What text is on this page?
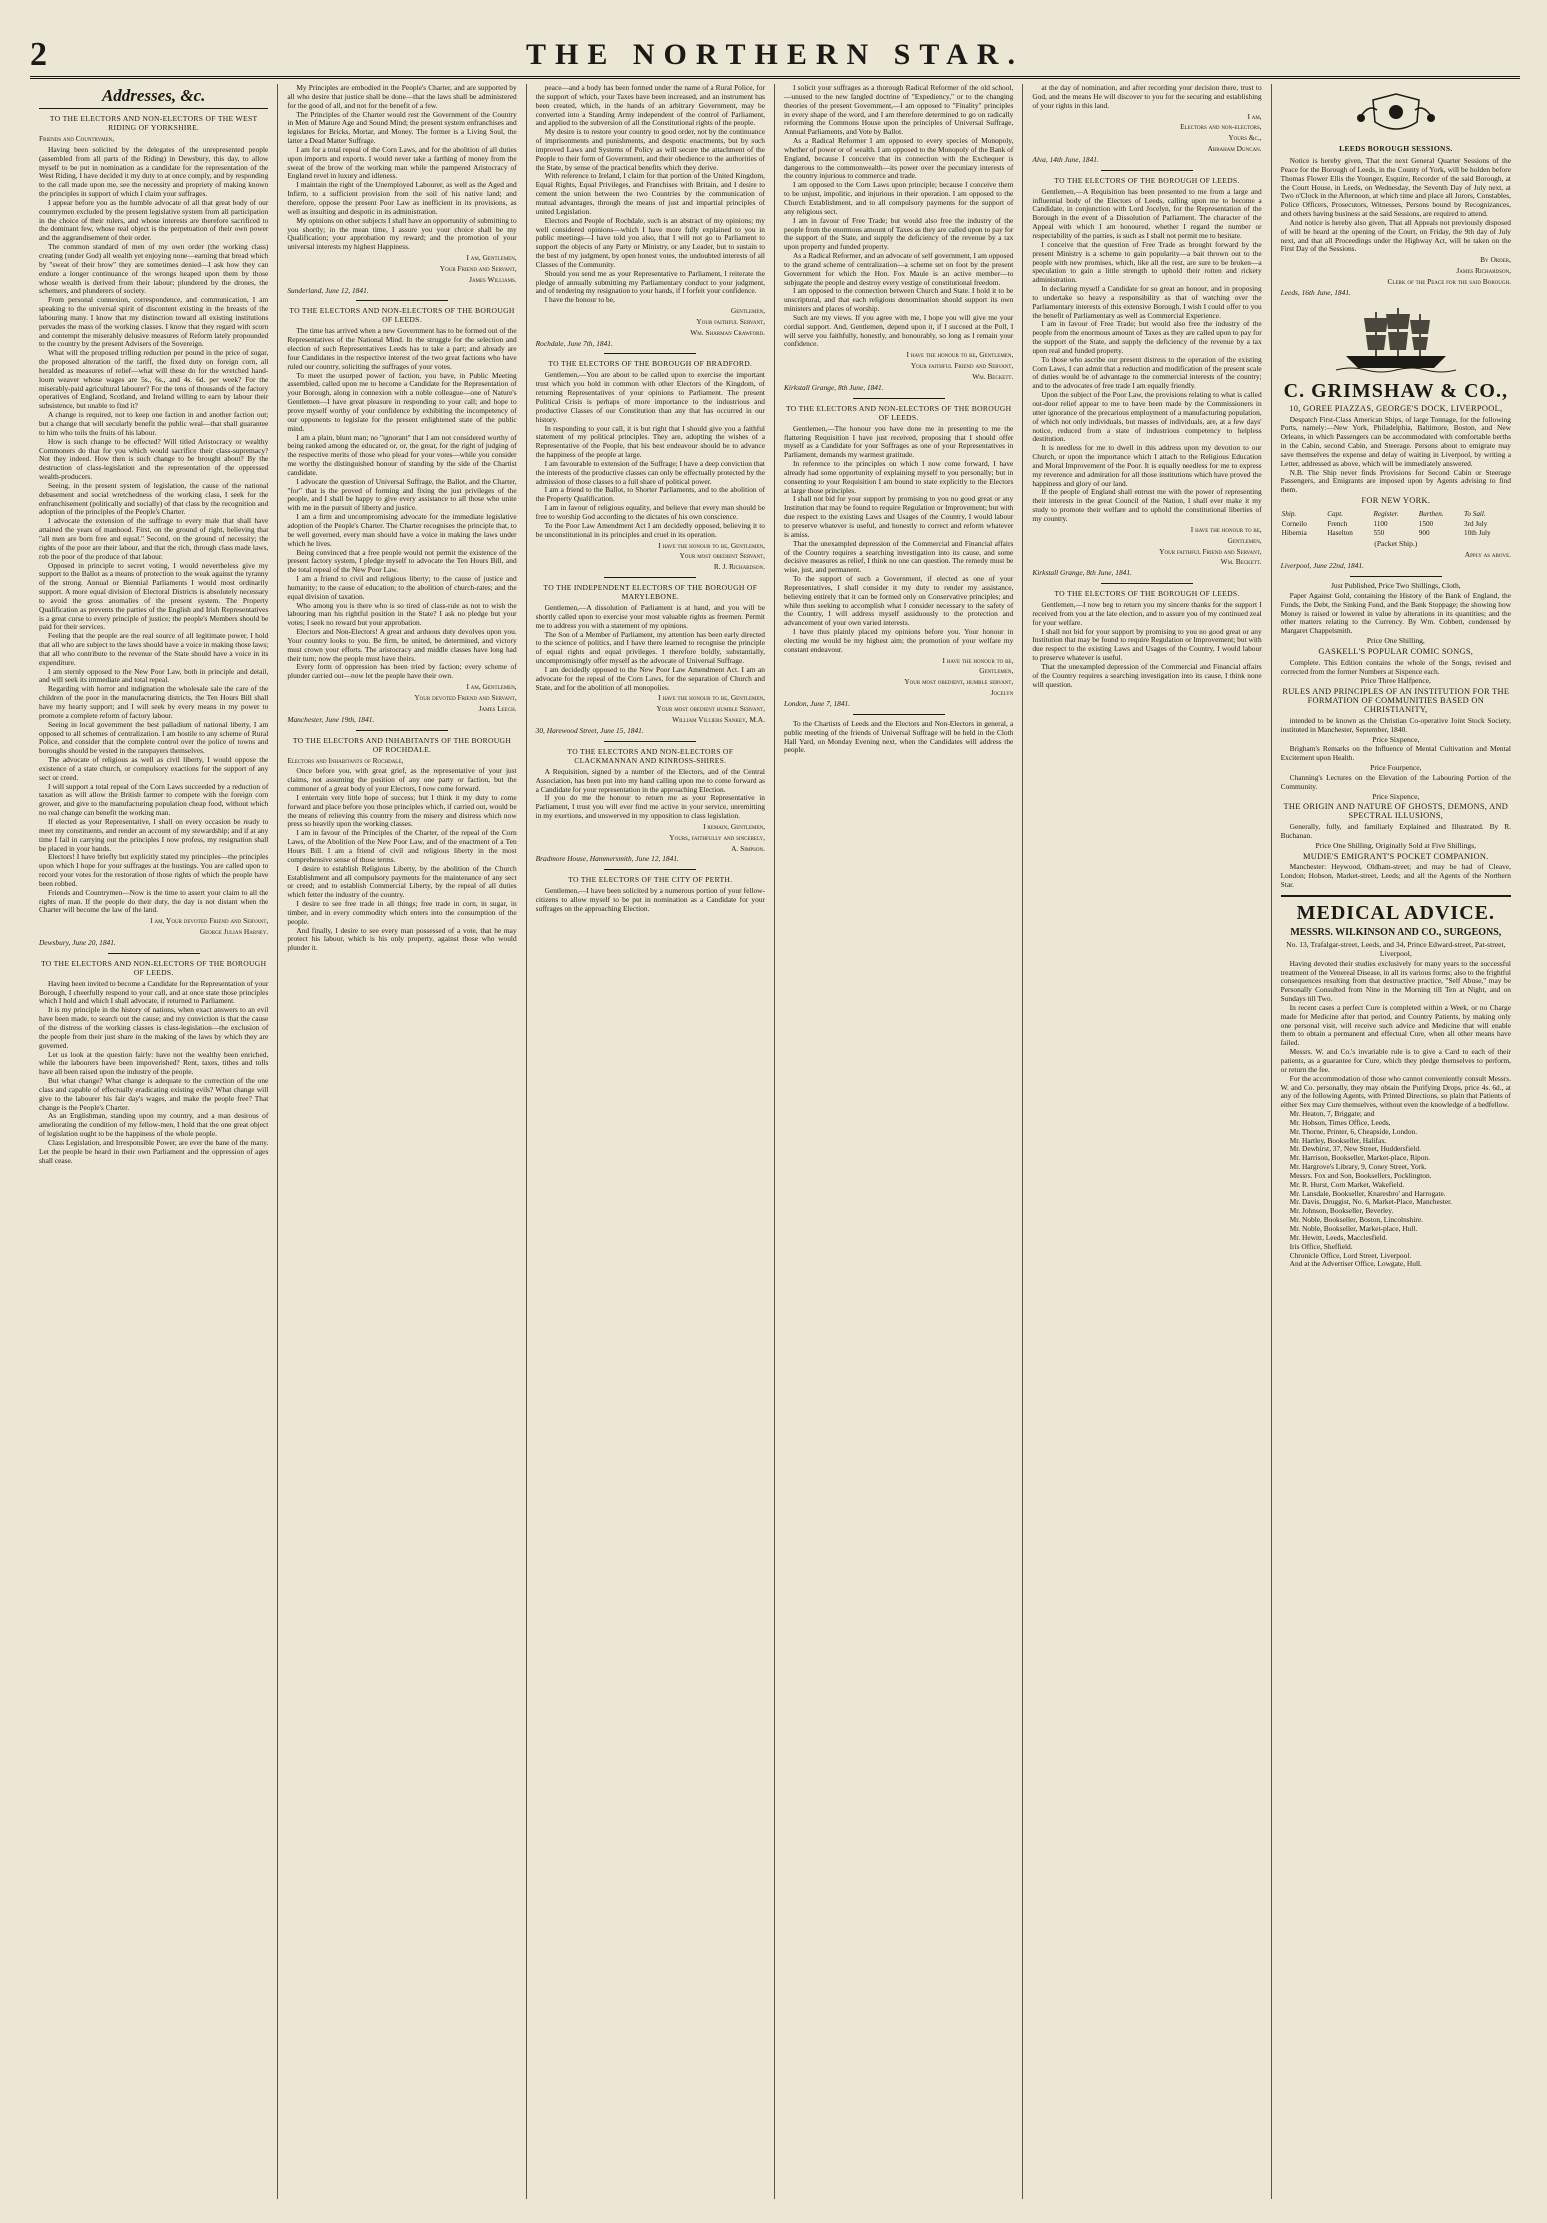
2	THE NORTHERN STAR.
Addresses, &c.
TO THE ELECTORS AND NON-ELECTORS OF THE WEST RIDING OF YORKSHIRE.
Friends and Countrymen,
Having been solicited by the delegates of the unrepresented people (assembled from all parts of the Riding) in Dewsbury, this day, to allow myself to be put in nomination as a candidate for the representation of the West Riding, I have decided it my duty to at once comply, and by responding to the call made upon me, see the necessity and propriety of making known the principles in support of which I claim your suffrages.
I appear before you as the humble advocate of all that great body of our countrymen excluded by the present legislative system from all participation in the choice of their rulers, and whose interests are therefore sacrificed to the dominant few, whose real object is the perpetuation of their own power and the aggrandisement of their order.
The common standard of men of my own order (the working class) creating (under God) all wealth yet enjoying none—earning that bread which by "sweat of their brow" they are sometimes denied—I ask how they can endure a longer continuance of the wrongs heaped upon them by those whose wealth is derived from their labour; plundered by the drones, the schemers, and plunderers of society.
From personal connexion, correspondence, and communication, I am speaking to the universal spirit of discontent existing in the breasts of the labouring many. I know that my distinction toward all existing institutions pervades the mass of the working classes. I know that they regard with scorn and contempt the miserably delusive measures of Reform lately propounded to the country by the present Advisers of the Sovereign.
What will the proposed trifling reduction per pound in the price of sugar, the proposed alteration of the tariff, the fixed duty on foreign corn, all heralded as measures of relief—what will these do for the wretched hand-loom weaver whose wages are 5s., 6s., and 4s. 6d. per week? For the miserably-paid agricultural labourer? For the tens of thousands of the factory operatives of England, Scotland, and Ireland willing to earn by labour their subsistence, but unable to find it?
A change is required, not to keep one faction in and another faction out; but a change that will secularly benefit the public weal—that shall guarantee to him who toils the fruits of his labour.
How is such change to be effected? Will titled Aristocracy or wealthy Commoners do that for you which would sacrifice their class-supremacy? Not they indeed. How then is such change to be brought about? By the destruction of class-legislation and the representation of the oppressed wealth-producers.
Seeing, in the present system of legislation, the cause of the national debasement and social wretchedness of the working class, I seek for the enfranchisement (politically and socially) of that class by the recognition and adoption of the principles of the People's Charter.
I advocate the extension of the suffrage to every male that shall have attained the years of manhood. First, on the ground of right, believing that "all men are born free and equal." Second, on the ground of necessity; the rights of the poor are their labour, and that the rich, through class made laws, rob the poor of the produce of that labour.
Opposed in principle to secret voting, I would nevertheless give my support to the Ballot as a means of protection to the weak against the tyranny of the strong. Annual or Biennial Parliaments I would most ordinarily support. A more equal division of Electoral Districts is absolutely necessary to avoid the gross anomalies of the present system. The Property Qualification as prevents the parties of the English and Irish Representatives is a great curse to every principle of justice; the people's Members should be paid for their services.
Feeling that the people are the real source of all legitimate power, I hold that all who are subject to the laws should have a voice in making those laws; that all who contribute to the revenue of the State should have a voice in its expenditure.
I am sternly opposed to the New Poor Law, both in principle and detail, and will seek its immediate and total repeal.
Regarding with horror and indignation the wholesale sale the care of the children of the poor in the manufacturing districts, the Ten Hours Bill shall have my hearty support; and I will seek by every means in my power to promote a complete reform of factory labour.
Seeing in local government the best palladium of national liberty, I am opposed to all schemes of centralization. I am hostile to any scheme of Rural Police, and consider that the complete control over the police of towns and boroughs should be vested in the ratepayers themselves.
The advocate of religious as well as civil liberty, I would oppose the existence of a state church, or compulsory exactions for the support of any sect or creed.
I will support a total repeal of the Corn Laws succeeded by a reduction of taxation as will allow the British farmer to compete with the foreign corn grower, and give to the manufacturing population cheap food, without which no real change can benefit the working man.
If elected as your Representative, I shall on every occasion be ready to meet my constituents, and render an account of my stewardship; and if at any time I fail in carrying out the principles I now profess, my resignation shall be placed in your hands.
Electors! I have briefly but explicitly stated my principles—the principles upon which I hope for your suffrages at the hustings. You are called upon to record your votes for the restoration of those rights of which the people have been robbed.
Friends and Countrymen—Now is the time to assert your claim to all the rights of man. If the people do their duty, the day is not distant when the Charter will become the law of the land.
I am, Your devoted Friend and Servant,
George Julian Harney.
Dewsbury, June 20, 1841.
TO THE ELECTORS AND NON-ELECTORS OF THE BOROUGH OF LEEDS.
Having been invited to become a Candidate for the Representation of your Borough, I cheerfully respond to your call, and at once state those principles which I hold and which I shall advocate, if returned to Parliament.
It is my principle in the history of nations, when exact answers to an evil have been made, to search out the cause; and my conviction is that the cause of the distress of the working classes is class-legislation—the exclusion of the people from their just share in the making of the laws by which they are governed.
Let us look at the question fairly: have not the wealthy been enriched, while the labourers have been impoverished? Rent, taxes, tithes and tolls have all been raised upon the industry of the people.
But what change? What change is adequate to the correction of the one class and capable of effectually eradicating existing evils? What change will give to the labourer his fair day's wages, and make the people free? That change is the People's Charter.
As an Englishman, standing upon my country, and a man desirous of ameliorating the condition of my fellow-men, I hold that the one great object of legislation ought to be the happiness of the whole people.
Class Legislation, and Irresponsible Power, are ever the bane of the many. Let the people be heard in their own Parliament and the oppression of ages shall cease.
My Principles are embodied in the People's Charter, and are supported by all who desire that justice shall be done—that the laws shall be administered for the good of all, and not for the benefit of a few.
The Principles of the Charter would rest the Government of the Country in Men of Mature Age and Sound Mind; the present system enfranchises and legislates for Bricks, Mortar, and Money. The former is a Living Soul, the latter a Dead Matter Suffrage.
I am for a total repeal of the Corn Laws, and for the abolition of all duties upon imports and exports. I would never take a farthing of money from the sweat of the brow of the working man while the pampered Aristocracy of England revel in luxury and idleness.
I maintain the right of the Unemployed Labourer, as well as the Aged and Infirm, to a sufficient provision from the soil of his native land; and therefore, oppose the present Poor Law as inefficient in its provisions, as well as insulting and despotic in its administration.
My opinions on other subjects I shall have an opportunity of submitting to you shortly; in the mean time, I assure you your choice shall be my Qualification; your approbation my reward; and the promotion of your universal interests my highest Happiness.
I am, Gentlemen,
Your Friend and Servant,
James Williams.
Sunderland, June 12, 1841.
TO THE ELECTORS AND NON-ELECTORS OF THE BOROUGH OF LEEDS.
The time has arrived when a new Government has to be formed out of the Representatives of the National Mind. In the struggle for the selection and election of such Representatives Leeds has to take a part; and already are four Candidates in the respective interest of the two great factions who have ruled our country, soliciting the suffrages of your votes.
To meet the usurped power of faction, you have, in Public Meeting assembled, called upon me to become a Candidate for the Representation of your Borough, along in connexion with a noble colleague—one of Nature's Gentlemen—I have great pleasure in responding to your call; and hope to prove myself worthy of your confidence by exhibiting the incompetency of our opponents to legislate for the present enlightened state of the public mind.
I am a plain, blunt man; no "ignorant" that I am not considered worthy of being ranked among the educated or, or, the great, for the right of judging of the respective merits of those who plead for your votes—while you consider me worthy the distinguished honour of standing by the side of the Chartist candidate.
I advocate the question of Universal Suffrage, the Ballot, and the Charter, "for" that is the proved of forming and fixing the just privileges of the people, and I shall be happy to give every assistance to all those who unite with me in the pursuit of liberty and justice.
I am a firm and uncompromising advocate for the immediate legislative adoption of the People's Charter. The Charter recognises the principle that, to be well governed, every man should have a voice in making the laws under which he lives.
Being convinced that a free people would not permit the existence of the present factory system, I pledge myself to advocate the Ten Hours Bill, and the total repeal of the New Poor Law.
I am a friend to civil and religious liberty; to the cause of justice and humanity; to the cause of education; to the abolition of church-rates; and the equal division of taxation.
Who among you is there who is so tired of class-rule as not to wish the labouring man his rightful position in the State? I ask no pledge but your votes; I seek no reward but your approbation.
Electors and Non-Electors! A great and arduous duty devolves upon you. Your country looks to you. Be firm, be united, be determined, and victory must crown your efforts. The aristocracy and middle classes have long had their turn; now the people must have theirs.
Every form of oppression has been tried by faction; every scheme of plunder carried out—now let the people have their own.
I am, Gentlemen,
Your devoted Friend and Servant,
James Leech.
Manchester, June 19th, 1841.
TO THE ELECTORS AND INHABITANTS OF THE BOROUGH OF ROCHDALE.
Electors and Inhabitants of Rochdale,
Once before you, with great grief, as the representative of your just claims, not assuming the position of any one party or faction, but the commoner of a great body of your Electors, I now come forward.
I entertain very little hope of success; but I think it my duty to come forward and place before you those principles which, if carried out, would be the means of relieving this country from the misery and distress which now press so heavily upon the working classes.
I am in favour of the Principles of the Charter, of the repeal of the Corn Laws, of the Abolition of the New Poor Law, and of the enactment of a Ten Hours Bill. I am a friend of civil and religious liberty in the most comprehensive sense of those terms.
I desire to establish Religious Liberty, by the abolition of the Church Establishment and all compulsory payments for the maintenance of any sect or creed; and to establish Commercial Liberty, by the repeal of all duties which fetter the industry of the country.
I desire to see free trade in all things; free trade in corn, in sugar, in timber, and in every commodity which enters into the consumption of the people.
And finally, I desire to see every man possessed of a vote, that he may protect his labour, which is his only property, against those who would plunder it.
peace—and a body has been formed under the name of a Rural Police, for the support of which, your Taxes have been increased, and an instrument has been created, which, in the hands of an arbitrary Government, may be converted into a Standing Army independent of the control of Parliament, and applied to the subversion of all the Constitutional rights of the people.
My desire is to restore your country to good order, not by the continuance of imprisonments and punishments, and despotic enactments, but by such improved Laws and Systems of Policy as will secure the attachment of the People to their form of Government, and their obedience to the authorities of the State, by sense of the practical benefits which they derive.
With reference to Ireland, I claim for that portion of the United Kingdom, Equal Rights, Equal Privileges, and Franchises with Britain, and I desire to cement the union between the two Countries by the communication of mutual advantages, through the means of just and impartial principles of united Legislation.
Electors and People of Rochdale, such is an abstract of my opinions; my well considered opinions—which I have more fully explained to you in public meetings—I have told you also, that I will not go to Parliament to support the objects of any Party or Ministry, or any Leader, but to sustain to the best of my judgment, by open honest votes, the undoubted interests of all Classes of the Community.
Should you send me as your Representative to Parliament, I reiterate the pledge of annually submitting my Parliamentary conduct to your judgment, and of tendering my resignation to your hands, if I forfeit your confidence.
I have the honour to be,
Gentlemen,
Your faithful Servant,
Wm. Sharman Crawford.
Rochdale, June 7th, 1841.
TO THE ELECTORS OF THE BOROUGH OF BRADFORD.
Gentlemen,—You are about to be called upon to exercise the important trust which you hold in common with other Electors of the Kingdom, of returning Representatives of your opinions to Parliament. The present Political Crisis is perhaps of more importance to the industrious and productive Classes of our Constitution than any that has occurred in our history.
In responding to your call, it is but right that I should give you a faithful statement of my political principles. They are, adopting the wishes of a Representative of the People, that his best endeavour should be to advance the happiness of the people at large.
I am favourable to extension of the Suffrage; I have a deep conviction that the interests of the productive classes can only be effectually protected by the admission of those classes to a full share of political power.
I am a friend to the Ballot, to Shorter Parliaments, and to the abolition of the Property Qualification.
I am in favour of religious equality, and believe that every man should be free to worship God according to the dictates of his own conscience.
To the Poor Law Amendment Act I am decidedly opposed, believing it to be unconstitutional in its principles and cruel in its operation.
I have the honour to be, Gentlemen,
Your most obedient Servant,
R. J. Richardson.
TO THE INDEPENDENT ELECTORS OF THE BOROUGH OF MARYLEBONE.
Gentlemen,—A dissolution of Parliament is at hand, and you will be shortly called upon to exercise your most valuable rights as freemen. Permit me to address you with a statement of my opinions.
The Son of a Member of Parliament, my attention has been early directed to the science of politics, and I have there learned to recognise the principle of equal rights and equal privileges. I therefore boldly, substantially, uncompromisingly offer myself as the advocate of Universal Suffrage.
I am decidedly opposed to the New Poor Law Amendment Act. I am an advocate for the repeal of the Corn Laws, for the separation of Church and State, and for the abolition of all monopolies.
I have the honour to be, Gentlemen,
Your most obedient humble Servant,
William Villiers Sankey, M.A.
30, Harewood Street, June 15, 1841.
TO THE ELECTORS AND NON-ELECTORS OF CLACKMANNAN AND KINROSS-SHIRES.
A Requisition, signed by a number of the Electors, and of the Central Association, has been put into my hand calling upon me to come forward as a Candidate for your representation in the approaching Election.
If you do me the honour to return me as your Representative in Parliament, I trust you will ever find me active in your service, unremitting in my exertions, and unswerved in my opposition to class legislation.
I remain, Gentlemen,
Yours, faithfully and sincerely,
A. Simpson.
Bradmore House, Hammersmith, June 12, 1841.
TO THE ELECTORS OF THE CITY OF PERTH.
Gentlemen,—I have been solicited by a numerous portion of your fellow-citizens to allow myself to be put in nomination as a Candidate for your suffrages on the approaching Election.
I solicit your suffrages as a thorough Radical Reformer of the old school,—unused to the new fangled doctrine of "Expediency," or to the changing theories of the present Government,—I am opposed to "Finality" principles in every shape of the word, and I am therefore determined to go on radically reforming the Commons House upon the principles of Universal Suffrage, Annual Parliaments, and Vote by Ballot.
As a Radical Reformer I am opposed to every species of Monopoly, whether of power or of wealth. I am opposed to the Monopoly of the Bank of England, because I conceive that its connection with the Exchequer is dangerous to the commonwealth—its power over the pecuniary interests of the country injurious to commerce and trade.
I am opposed to the Corn Laws upon principle; because I conceive them to be unjust, impolitic, and injurious in their operation. I am opposed to the Church Establishment, and to all compulsory payments for the support of any religious sect.
I am in favour of Free Trade; but would also free the industry of the people from the enormous amount of Taxes as they are called upon to pay for the support of the State, and supply the deficiency of the revenue by a tax upon property and funded property.
As a Radical Reformer, and an advocate of self government, I am opposed to the grand scheme of centralization—a scheme set on foot by the present Government for which the Hon. Fox Maule is an active member—to subjugate the people and destroy every vestige of constitutional freedom.
I am opposed to the connection between Church and State. I hold it to be unscriptural, and that each religious denomination should support its own ministers and places of worship.
Such are my views. If you agree with me, I hope you will give me your cordial support. And, Gentlemen, depend upon it, if I succeed at the Poll, I will serve you faithfully, honestly, and honourably, so long as I remain your confidence.
I have the honour to be, Gentlemen,
Your faithful Friend and Servant,
Wm. Beckett.
Kirkstall Grange, 8th June, 1841.
TO THE ELECTORS AND NON-ELECTORS OF THE BOROUGH OF LEEDS.
Gentlemen,—The honour you have done me in presenting to me the flattering Requisition I have just received, proposing that I should offer myself as a Candidate for your Suffrages as one of your Representatives in Parliament, demands my warmest gratitude.
In reference to the principles on which I now come forward, I have already had some opportunity of explaining myself to you personally; but in consenting to your Requisition I am bound to state explicitly to the Electors at large those principles.
I shall not bid for your support by promising to you no good great or any Institution that may be found to require Regulation or Improvement; but with due respect to the existing Laws and Usages of the Country, I would labour to preserve whatever is useful, and honestly to correct and reform whatever is amiss.
That the unexampled depression of the Commercial and Financial affairs of the Country requires a searching investigation into its cause, and some decisive measures as relief, I think no one can question. The remedy must be wise, just, and permanent.
To the support of such a Government, if elected as one of your Representatives, I shall consider it my duty to render my assistance, believing entirely that it can be formed only on Conservative principles; and while thus seeking to accomplish what I consider necessary to the safety of the Country, I will address myself assiduously to the protection and advancement of your own varied interests.
I have thus plainly placed my opinions before you. Your honour in electing me would be my highest aim; the promotion of your welfare my constant endeavour.
I have the honour to be,
Gentlemen,
Your most obedient, humble servant,
Jocelyn
London, June 7, 1841.
To the Chartists of Leeds and the Electors and Non-Electors in general, a public meeting of the friends of Universal Suffrage will be held in the Cloth Hall Yard, on Monday Evening next, when the Candidates will address the people.
at the day of nomination, and after recording your decision there, trust to God, and the means He will discover to you for the securing and establishing of your rights in this land.
I am,
Electors and non-electors,
Yours &c.,
Abraham Duncan.
Alva, 14th June, 1841.
TO THE ELECTORS OF THE BOROUGH OF LEEDS.
Gentlemen,—A Requisition has been presented to me from a large and influential body of the Electors of Leeds, calling upon me to become a Candidate, in conjunction with Lord Jocelyn, for the Representation of the Borough in the event of a Dissolution of Parliament. The character of the Appeal with which I am honoured, whether I regard the number or respectability of the parties, is such as I shall not permit me to hesitate.
I conceive that the question of Free Trade as brought forward by the present Ministry is a scheme to gain popularity—a bait thrown out to the people with new promises, which, like all the rest, are sure to be broken—a speculation to gain a little strength to uphold their rotten and rickety administration.
In declaring myself a Candidate for so great an honour, and in proposing to undertake so heavy a responsibility as that of watching over the Parliamentary interests of this extensive Borough, I wish I could offer to you the benefit of Parliamentary as well as Commercial Experience.
I am in favour of Free Trade; but would also free the industry of the people from the enormous amount of Taxes as they are called upon to pay for the support of the State, and supply the deficiency of the revenue by a tax upon real and funded property.
To those who ascribe our present distress to the operation of the existing Corn Laws, I can admit that a reduction and modification of the present scale of duties would be of advantage to the commercial interests of the country; and to the advocates of free trade I am equally friendly.
Upon the subject of the Poor Law, the provisions relating to what is called out-door relief appear to me to have been made by the Commissioners in utter ignorance of the precarious employment of a manufacturing population, of which not only individuals, but masses of individuals, are, at a few days' notice, reduced from a state of industrious competency to helpless destitution.
It is needless for me to dwell in this address upon my devotion to our Church, or upon the importance which I attach to the Religious Education and Moral Improvement of the Poor. It is equally needless for me to express my reverence and admiration for all those institutions which have proved the happiness and glory of our land.
If the people of England shall entrust me with the power of representing their interests in the great Council of the Nation, I shall ever make it my study to promote their welfare and to uphold the constitutional liberties of my country.
I have the honour to be,
Gentlemen,
Your faithful Friend and Servant,
Wm. Beckett.
Kirkstall Grange, 8th June, 1841.
TO THE ELECTORS OF THE BOROUGH OF LEEDS.
Gentlemen,—I now beg to return you my sincere thanks for the support I received from you at the late election, and to assure you of my continued zeal for your welfare.
I shall not bid for your support by promising to you no good great or any Institution that may be found to require Regulation or Improvement; but with due respect to the existing Laws and Usages of the Country, I would labour to preserve whatever is useful.
That the unexampled depression of the Commercial and Financial affairs of the Country requires a searching investigation into its cause, I think none will question.
LEEDS BOROUGH SESSIONS.
Notice is hereby given, That the next General Quarter Sessions of the Peace for the Borough of Leeds, in the County of York, will be holden before Thomas Flower Ellis the Younger, Esquire, Recorder of the said Borough, at the Court House, in Leeds, on Wednesday, the Seventh Day of July next, at Two o'Clock in the Afternoon, at which time and place all Jurors, Constables, Police Officers, Prosecutors, Witnesses, Persons bound by Recognizances, and others having business at the said Sessions, are required to attend.
And notice is hereby also given, That all Appeals not previously disposed of will be heard at the opening of the Court, on Friday, the 9th day of July next, and that all Proceedings under the Highway Act, will be taken on the First Day of the Sessions.
By Order,
James Richardson,
Clerk of the Peace for the said Borough.
Leeds, 16th June, 1841.
C. GRIMSHAW & CO.,
10, GOREE PIAZZAS, GEORGE'S DOCK, LIVERPOOL,
Despatch First-Class American Ships, of large Tonnage, for the following Ports, namely:—New York, Philadelphia, Baltimore, Boston, and New Orleans, in which Passengers can be accommodated with comfortable berths in the Cabin, second Cabin, and Steerage. Persons about to emigrate may save themselves the expense and delay of waiting in Liverpool, by writing a Letter, addressed as above, which will be immediately answered.
N.B. The Ship never finds Provisions for Second Cabin or Steerage Passengers, and Emigrants are imposed upon by Agents advising to find them.
FOR NEW YORK.
Ship.	Capt.	Register.	Burthen.	To Sail.
Corneilo	French	1100	1500	3rd July
Hibernia	Haselton	550	900	10th July
(Packet Ship.)
Apply as above.
Liverpool, June 22nd, 1841.
Just Published, Price Two Shillings, Cloth,
Paper Against Gold, containing the History of the Bank of England, the Funds, the Debt, the Sinking Fund, and the Bank Stoppage; the showing how Money is raised or lowered in value by alterations in its quantities; and the other matters relating to the Currency. By Wm. Cobbett, condensed by Margaret Chappelsmith.
Price One Shilling,
GASKELL'S POPULAR COMIC SONGS,
Complete. This Edition contains the whole of the Songs, revised and corrected from the former Numbers at Sixpence each.
Price Three Halfpence,
RULES AND PRINCIPLES OF AN INSTITUTION FOR THE FORMATION OF COMMUNITIES BASED ON CHRISTIANITY,
intended to be known as the Christian Co-operative Joint Stock Society, instituted in Manchester, September, 1840.
Price Sixpence,
Brigham's Remarks on the Influence of Mental Cultivation and Mental Excitement upon Health.
Price Fourpence,
Channing's Lectures on the Elevation of the Labouring Portion of the Community.
Price Sixpence,
THE ORIGIN AND NATURE OF GHOSTS, DEMONS, AND SPECTRAL ILLUSIONS,
Generally, fully, and familiarly Explained and Illustrated. By R. Buchanan.
Price One Shilling, Originally Sold at Five Shillings,
MUDIE'S EMIGRANT'S POCKET COMPANION.
Manchester: Heywood, Oldham-street; and may be had of Cleave, London; Hobson, Market-street, Leeds; and all the Agents of the Northern Star.
MEDICAL ADVICE.
MESSRS. WILKINSON AND CO., SURGEONS,
No. 13, Trafalgar-street, Leeds, and 34, Prince Edward-street, Pat-street, Liverpool,
Having devoted their studies exclusively for many years to the successful treatment of the Venereal Disease, in all its various forms; also to the frightful consequences resulting from that destructive practice, "Self Abuse," may be Personally Consulted from Nine in the Morning till Ten at Night, and on Sundays till Two.
In recent cases a perfect Cure is completed within a Week, or no Charge made for Medicine after that period, and Country Patients, by making only one personal visit, will receive such advice and Medicine that will enable them to obtain a permanent and effectual Cure, when all other means have failed.
Messrs. W. and Co.'s invariable rule is to give a Card to each of their patients, as a guarantee for Cure, which they pledge themselves to perform, or return the fee.
For the accommodation of those who cannot conveniently consult Messrs. W. and Co. personally, they may obtain the Purifying Drops, price 4s. 6d., at any of the following Agents, with Printed Directions, so plain that Patients of either Sex may Cure themselves, without even the knowledge of a bedfellow.
Mr. Heaton, 7, Briggate; and
Mr. Hobson, Times Office, Leeds,
Mr. Thorne, Printer, 6, Cheapside, London.
Mr. Hartley, Bookseller, Halifax.
Mr. Dewhirst, 37, New Street, Huddersfield.
Mr. Harrison, Bookseller, Market-place, Ripon.
Mr. Hargrove's Library, 9, Coney Street, York.
Messrs. Fox and Son, Booksellers, Pocklington.
Mr. R. Hurst, Corn Market, Wakefield.
Mr. Lansdale, Bookseller, Knaresbro' and Harrogate.
Mr. Davis, Druggist, No. 6, Market-Place, Manchester.
Mr. Johnson, Bookseller, Beverley.
Mr. Noble, Bookseller, Boston, Lincolnshire.
Mr. Noble, Bookseller, Market-place, Hull.
Mr. Hewitt, Leeds, Macclesfield.
Iris Office, Sheffield.
Chronicle Office, Lord Street, Liverpool.
And at the Advertiser Office, Lowgate, Hull.
